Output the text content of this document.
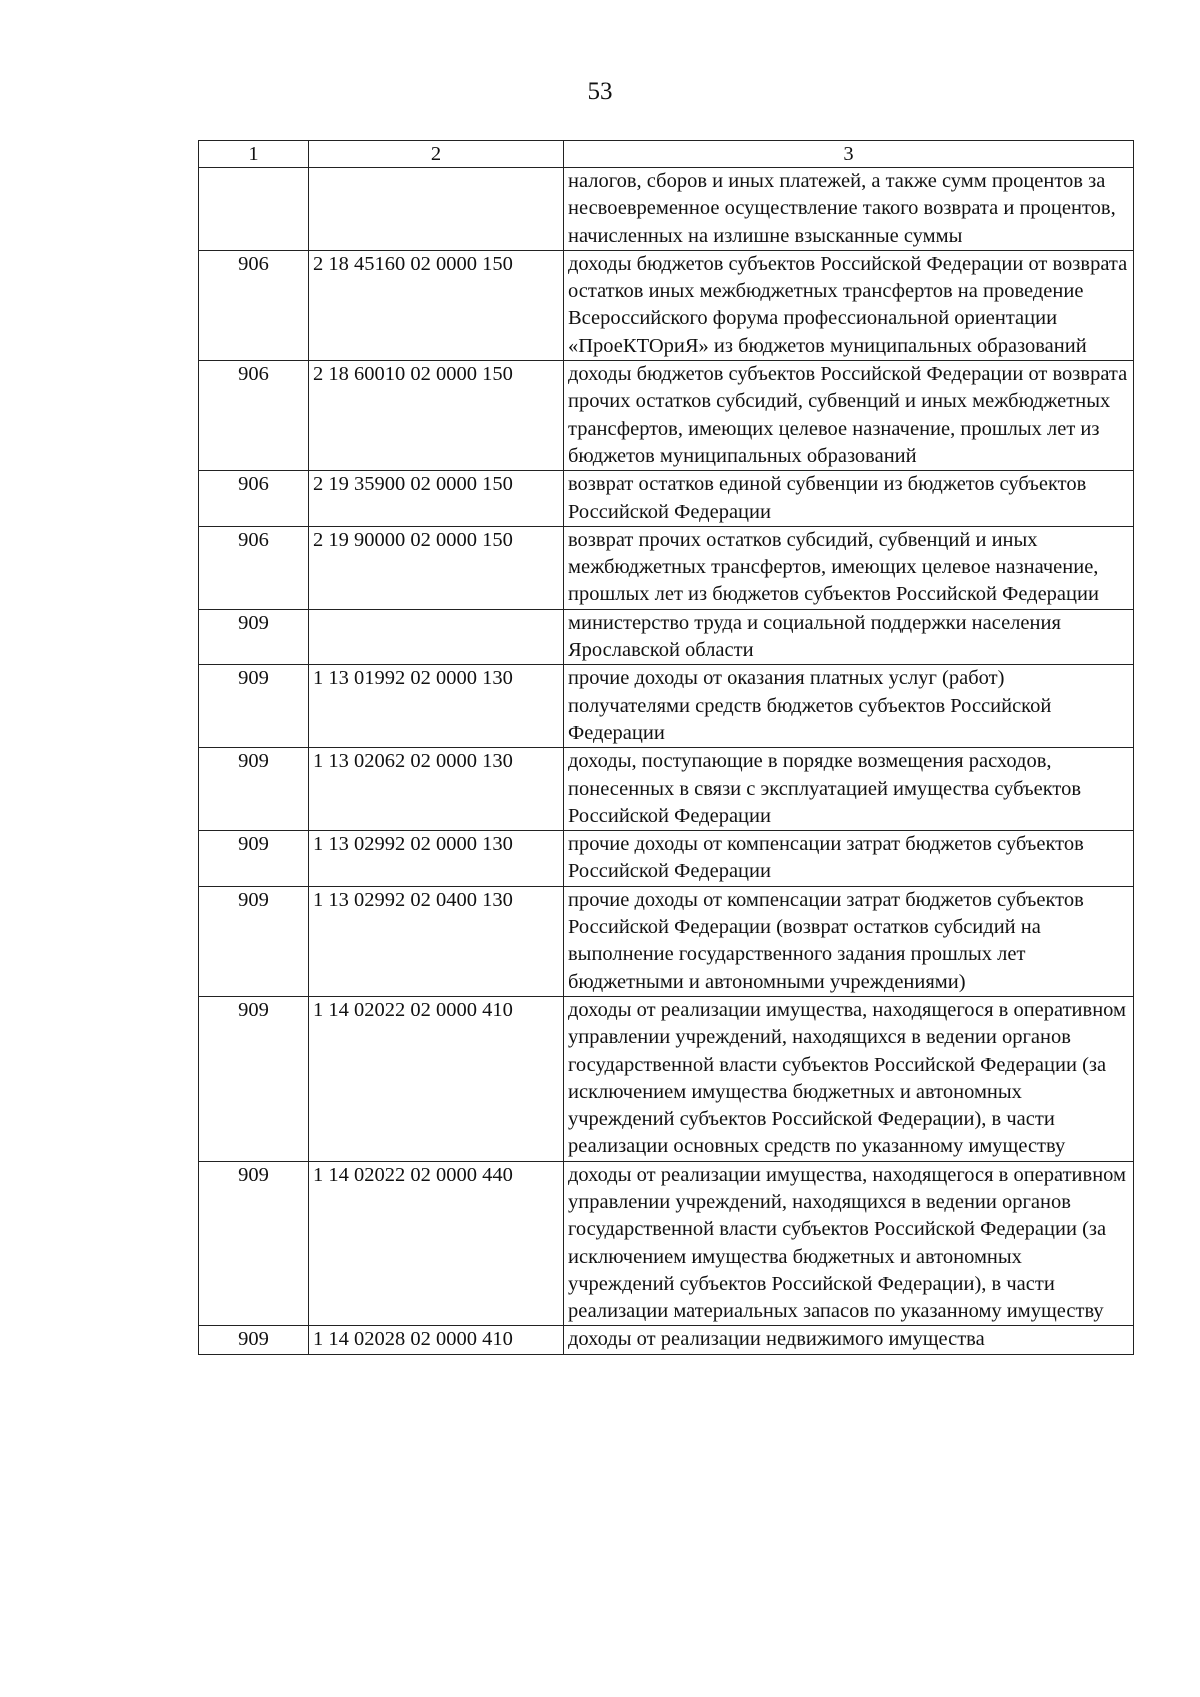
53
1	2	3
		налогов, сборов и иных платежей, а также сумм процентов за несвоевременное осуществление такого возврата и процентов, начисленных на излишне взысканные суммы
906	2 18 45160 02 0000 150	доходы бюджетов субъектов Российской Федерации от возврата остатков иных межбюджетных трансфертов на проведение Всероссийского форума профессиональной ориентации «ПроеКТОриЯ» из бюджетов муниципальных образований
906	2 18 60010 02 0000 150	доходы бюджетов субъектов Российской Федерации от возврата прочих остатков субсидий, субвенций и иных межбюджетных трансфертов, имеющих целевое назначение, прошлых лет из бюджетов муниципальных образований
906	2 19 35900 02 0000 150	возврат остатков единой субвенции из бюджетов субъектов Российской Федерации
906	2 19 90000 02 0000 150	возврат прочих остатков субсидий, субвенций и иных межбюджетных трансфертов, имеющих целевое назначение, прошлых лет из бюджетов субъектов Российской Федерации
909		министерство труда и социальной поддержки населения Ярославской области
909	1 13 01992 02 0000 130	прочие доходы от оказания платных услуг (работ) получателями средств бюджетов субъектов Российской Федерации
909	1 13 02062 02 0000 130	доходы, поступающие в порядке возмещения расходов, понесенных в связи с эксплуатацией имущества субъектов Российской Федерации
909	1 13 02992 02 0000 130	прочие доходы от компенсации затрат бюджетов субъектов Российской Федерации
909	1 13 02992 02 0400 130	прочие доходы от компенсации затрат бюджетов субъектов Российской Федерации (возврат остатков субсидий на выполнение государственного задания прошлых лет бюджетными и автономными учреждениями)
909	1 14 02022 02 0000 410	доходы от реализации имущества, находящегося в оперативном управлении учреждений, находящихся в ведении органов государственной власти субъектов Российской Федерации (за исключением имущества бюджетных и автономных учреждений субъектов Российской Федерации), в части реализации основных средств по указанному имуществу
909	1 14 02022 02 0000 440	доходы от реализации имущества, находящегося в оперативном управлении учреждений, находящихся в ведении органов государственной власти субъектов Российской Федерации (за исключением имущества бюджетных и автономных учреждений субъектов Российской Федерации), в части реализации материальных запасов по указанному имуществу
909	1 14 02028 02 0000 410	доходы от реализации недвижимого имущества
